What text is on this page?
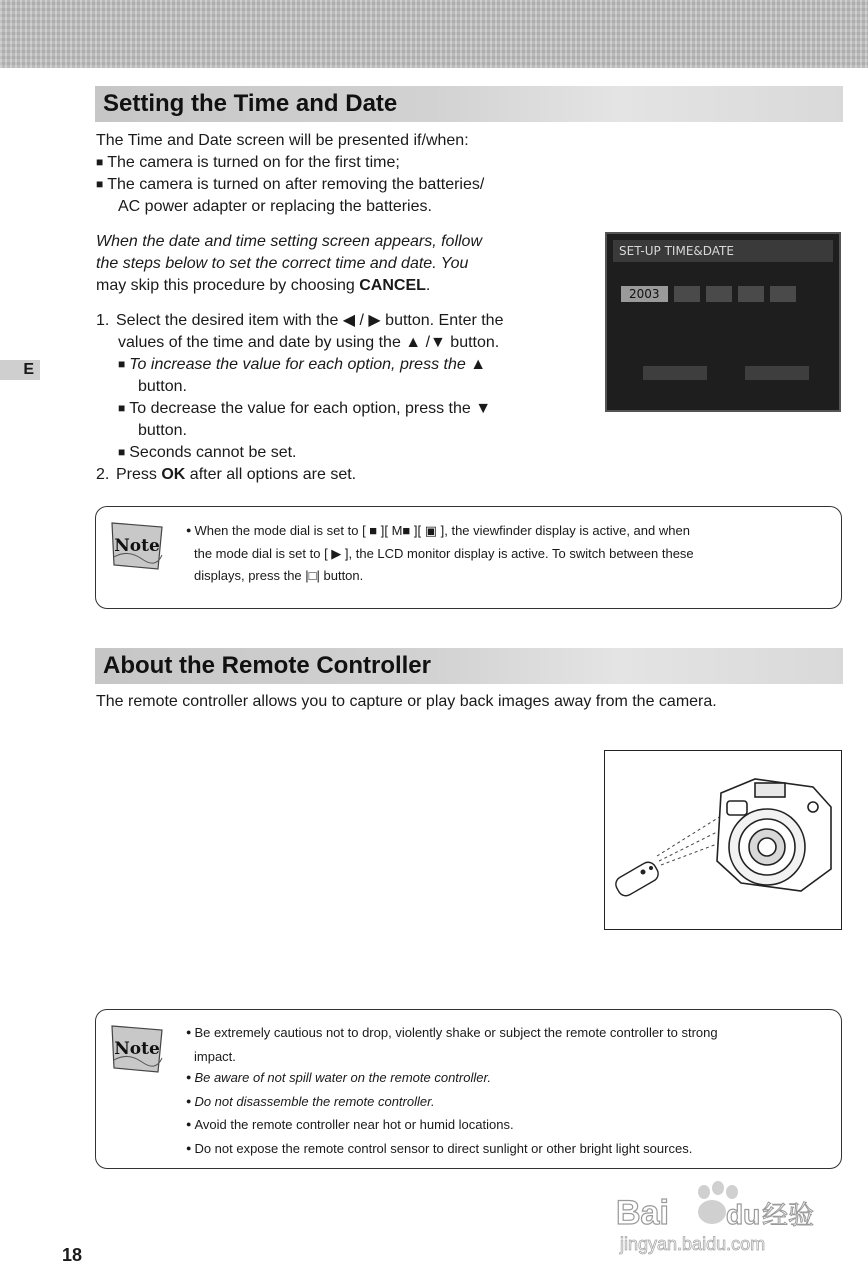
E
Setting the Time and Date

The Time and Date screen will be presented if/when:

■ The camera is turned on for the first time;

■ The camera is turned on after removing the batteries/

AC power adapter or replacing the batteries.

When the date and time setting screen appears, follow

the steps below to set the correct time and date. You

may skip this procedure by choosing CANCEL.

1. Select the desired item with the ◀ / ▶ button. Enter the

values of the time and date by using the ▲ /▼ button.

■ To increase the value for each option, press the ▲

button.

■ To decrease the value for each option, press the ▼

button.

■ Seconds cannot be set.

2. Press OK after all options are set.

SET-UP TIME&DATE
2003
Note

● When the mode dial is set to [ ■ ][ M■ ][ ▣ ], the viewfinder display is active, and when

the mode dial is set to [ ▶ ], the LCD monitor display is active. To switch between these

displays, press the |□| button.

About the Remote Controller

The remote controller allows you to capture or play back images away from the camera.

Note

● Be extremely cautious not to drop, violently shake or subject the remote controller to strong

impact.

● Be aware of not spill water on the remote controller.

● Do not disassemble the remote controller.

● Avoid the remote controller near hot or humid locations.

● Do not expose the remote control sensor to direct sunlight or other bright light sources.

Bai du 经验
jingyan.baidu.com
18
